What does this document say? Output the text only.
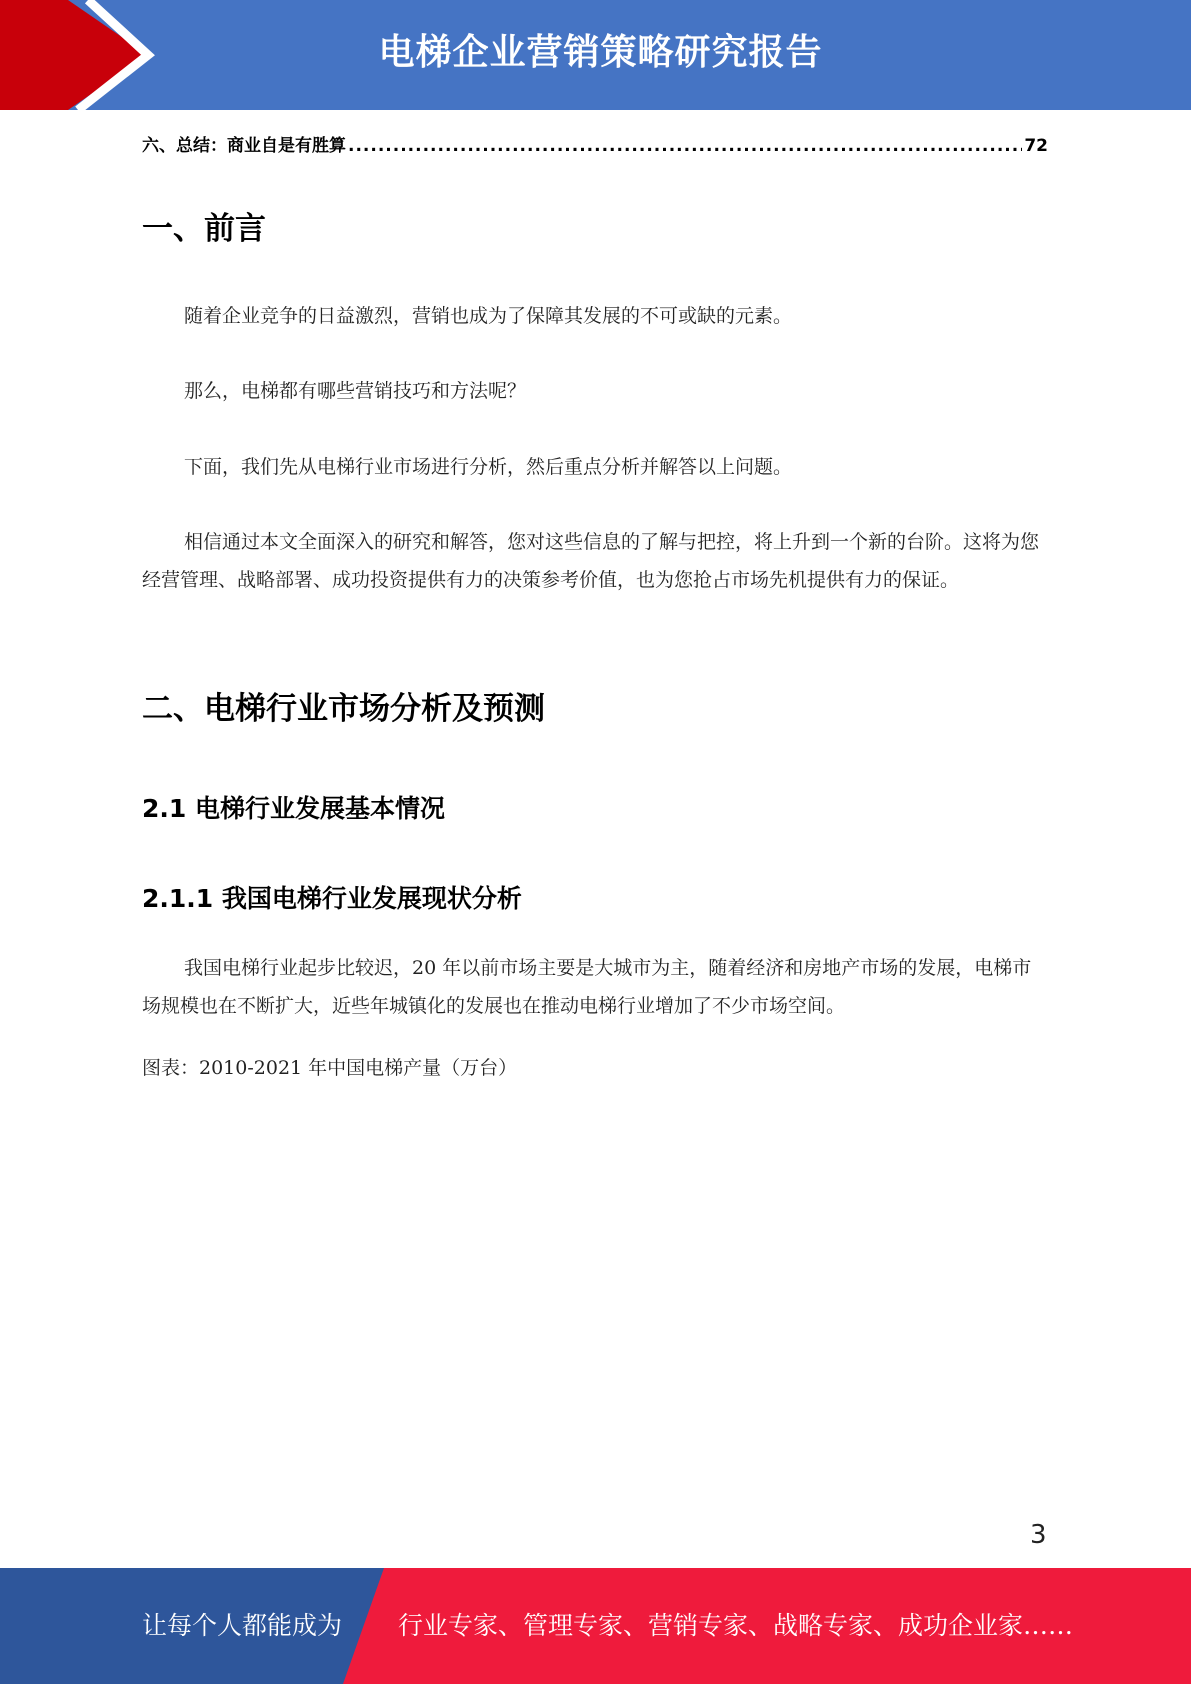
电梯企业营销策略研究报告
六、总结：商业自是有胜算
.....	72
一、前言

随着企业竞争的日益激烈，营销也成为了保障其发展的不可或缺的元素。

那么，电梯都有哪些营销技巧和方法呢？

下面，我们先从电梯行业市场进行分析，然后重点分析并解答以上问题。

相信通过本文全面深入的研究和解答，您对这些信息的了解与把控，将上升到一个新的台阶。这将为您经营管理、战略部署、成功投资提供有力的决策参考价值，也为您抢占市场先机提供有力的保证。

二、电梯行业市场分析及预测
2.1 电梯行业发展基本情况
2.1.1 我国电梯行业发展现状分析

我国电梯行业起步比较迟，20 年以前市场主要是大城市为主，随着经济和房地产市场的发展，电梯市场规模也在不断扩大，近些年城镇化的发展也在推动电梯行业增加了不少市场空间。

图表：2010-2021 年中国电梯产量（万台）

3
让每个人都能成为 行业专家、管理专家、营销专家、战略专家、成功企业家……
